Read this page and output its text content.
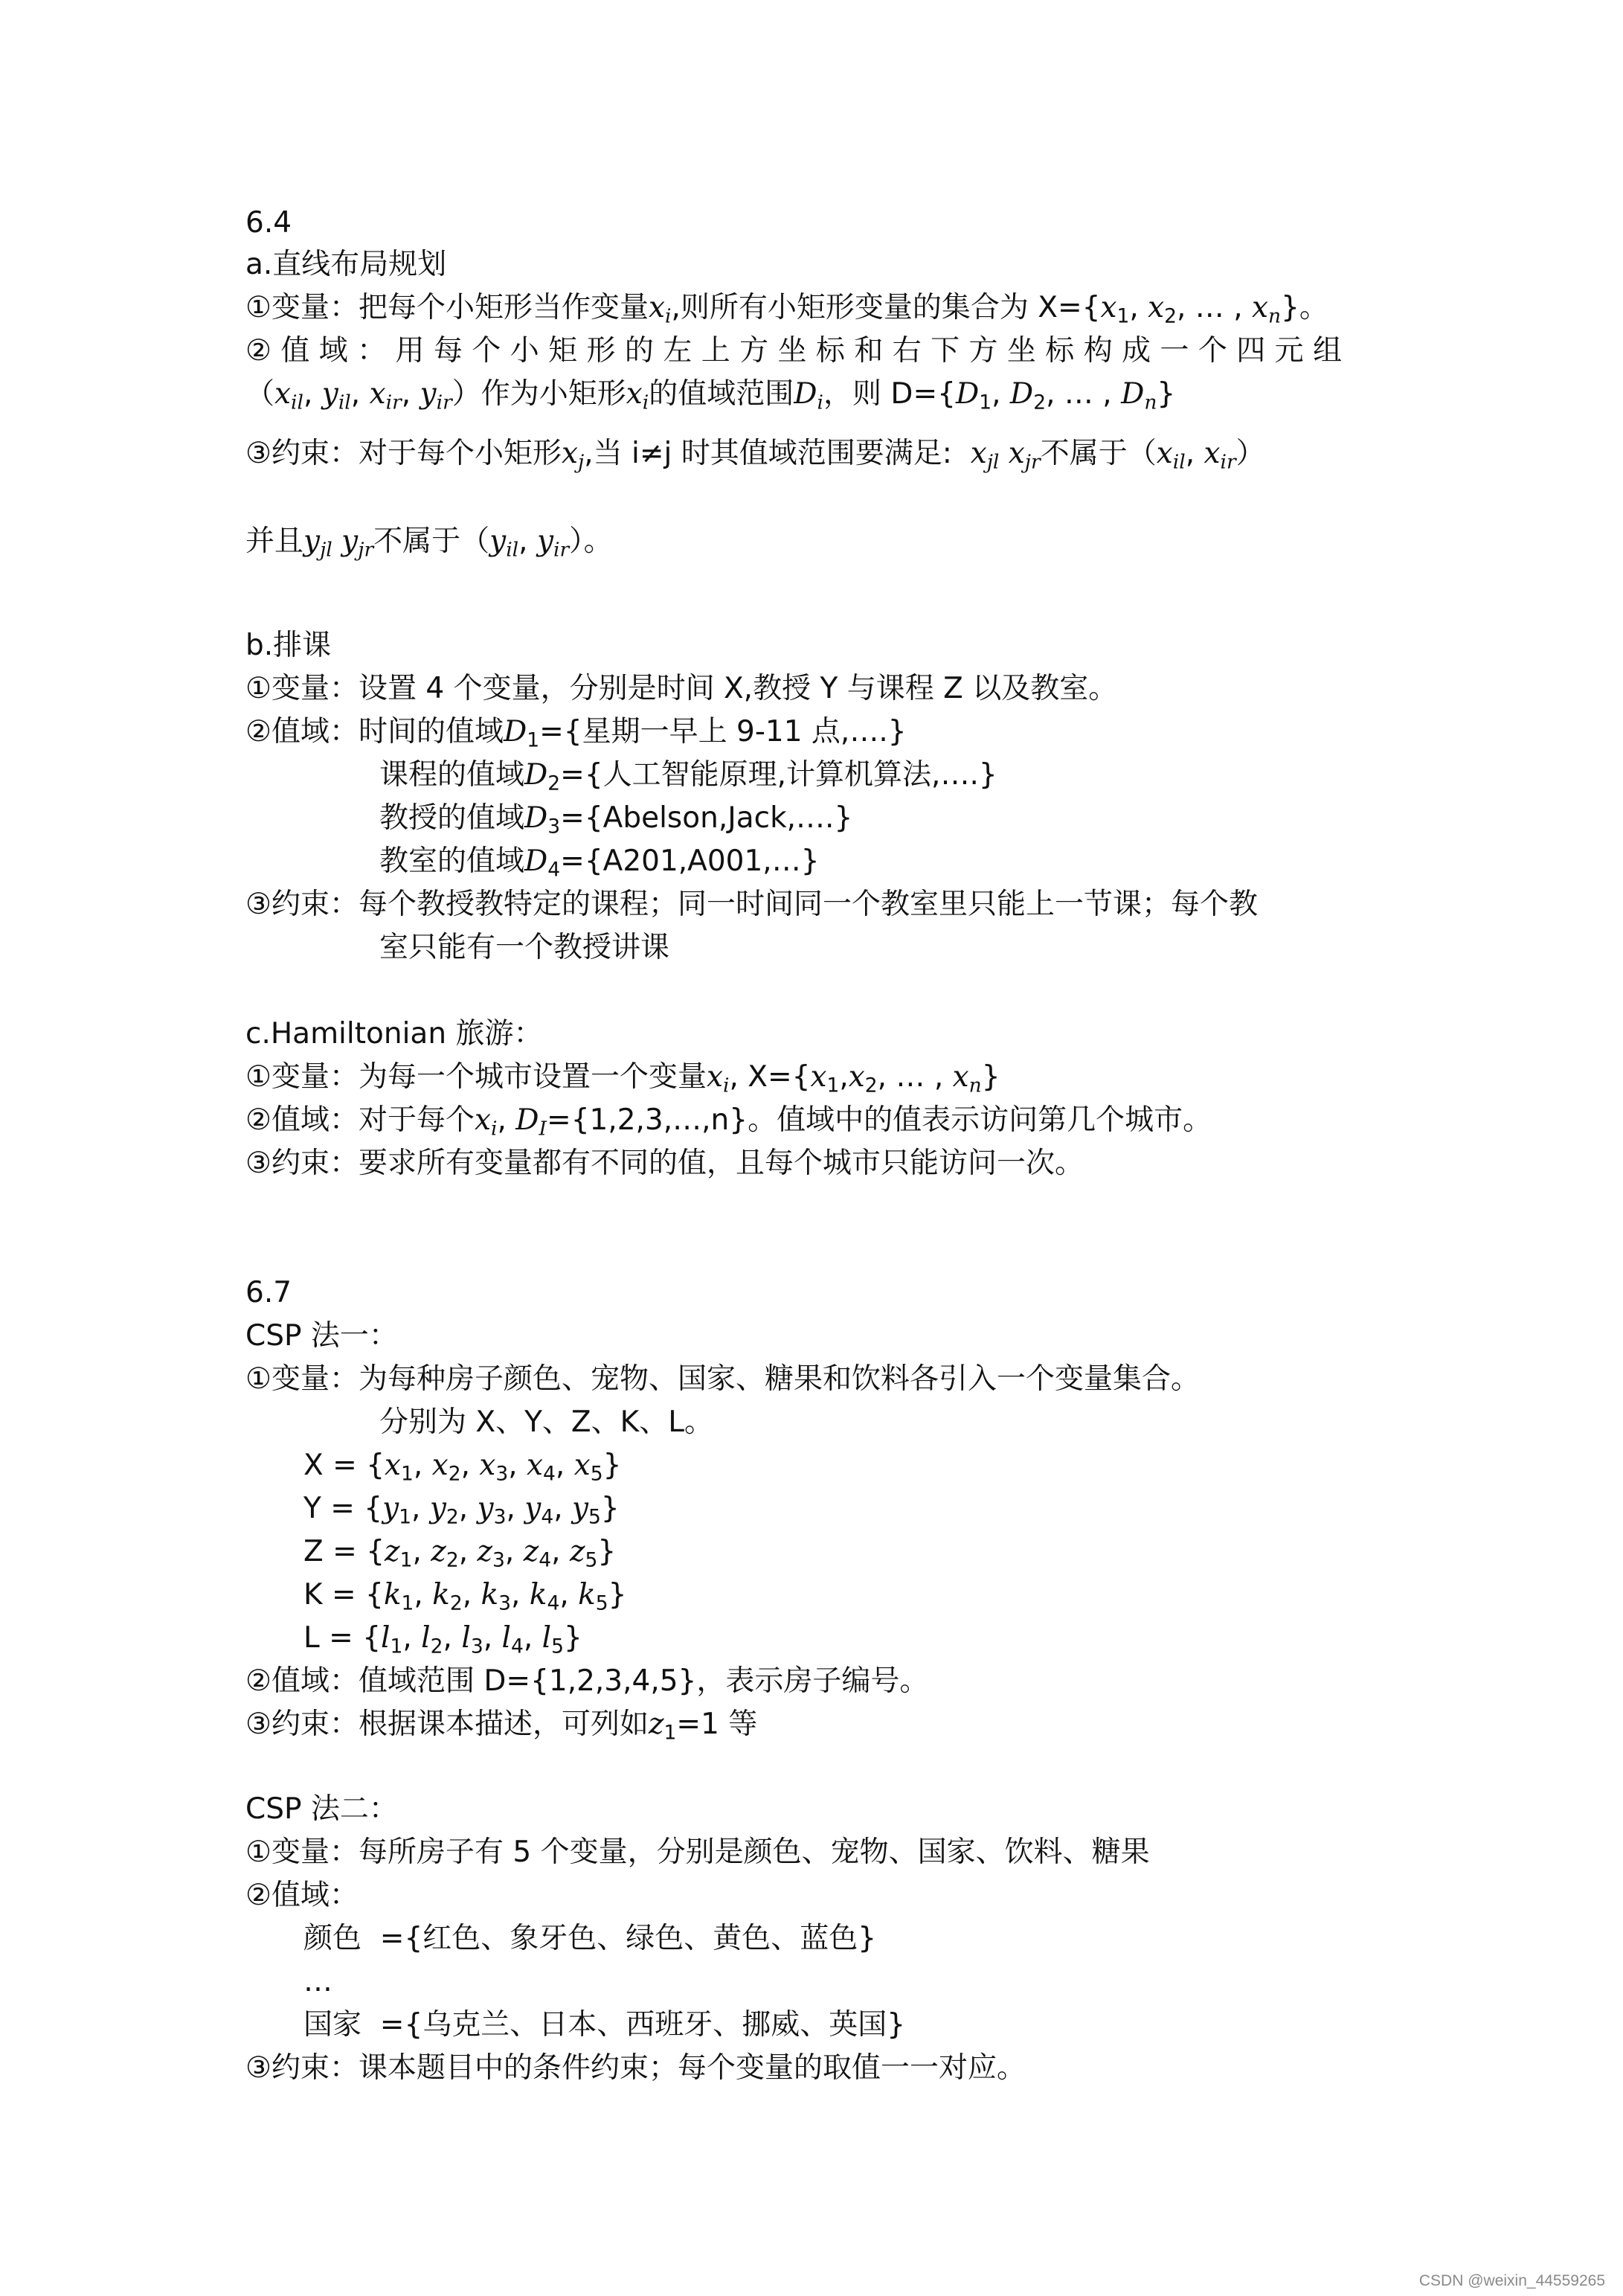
6.4

a.直线布局规划

①变量：把每个小矩形当作变量$x_i$,则所有小矩形变量的集合为 $X=\{x_1$, $x_2$, … , $x_n$}。

② 值 域 ： 用 每 个 小 矩 形 的 左 上 方 坐 标 和 右 下 方 坐 标 构 成 一 个 四 元 组

（$x_{il}$, $y_{il}$, $x_{ir}$, $y_{ir}$）作为小矩形$x_i$的值域范围$D_i$，则 $D=\{D_1$, $D_2$, … , $D_n$}

③约束：对于每个小矩形$x_j$,当 i≠j 时其值域范围要满足:  $x_{jl}$ $x_{jr}$不属于（$x_{il}$, $x_{ir}$）

并且$y_{jl}$ $y_{jr}$不属于（$y_{il}$, $y_{ir}$）。

b.排课

①变量：设置 4 个变量，分别是时间 X,教授 Y 与课程 Z 以及教室。

②值域：时间的值域$D_1=${星期一早上 9-11 点,….}

课程的值域$D_2=${人工智能原理,计算机算法,….}

教授的值域$D_3=\{Abelson,Jack,\dots.\}$

教室的值域$D_4=\{A201,A001,\dots\}$

③约束：每个教授教特定的课程；同一时间同一个教室里只能上一节课；每个教

室只能有一个教授讲课

c.Hamiltonian 旅游：

①变量：为每一个城市设置一个变量$x_i$, $X=\{x_1,x_2$, … , $x_n$}

②值域：对于每个$x_i$, $D_I=\{1,2,3,\dots,n\}$。值域中的值表示访问第几个城市。

③约束：要求所有变量都有不同的值，且每个城市只能访问一次。

6.7

CSP 法一：

①变量：为每种房子颜色、宠物、国家、糖果和饮料各引入一个变量集合。

分别为 X、Y、Z、K、L。

$X = \{x_1$, $x_2$, $x_3$, $x_4$, $x_5$}

$Y = \{y_1$, $y_2$, $y_3$, $y_4$, $y_5$}

$Z = \{z_1$, $z_2$, $z_3$, $z_4$, $z_5$}

$K = \{k_1$, $k_2$, $k_3$, $k_4$, $k_5$}

$L = \{l_1$, $l_2$, $l_3$, $l_4$, $l_5$}

②值域：值域范围 D={1,2,3,4,5}，表示房子编号。

③约束：根据课本描述，可列如$z_1=1$ 等

CSP 法二：

①变量：每所房子有 5 个变量，分别是颜色、宠物、国家、饮料、糖果

②值域：

颜色  ={红色、象牙色、绿色、黄色、蓝色}

…

国家  ={乌克兰、日本、西班牙、挪威、英国}

③约束：课本题目中的条件约束；每个变量的取值一一对应。

CSDN @weixin_44559265
